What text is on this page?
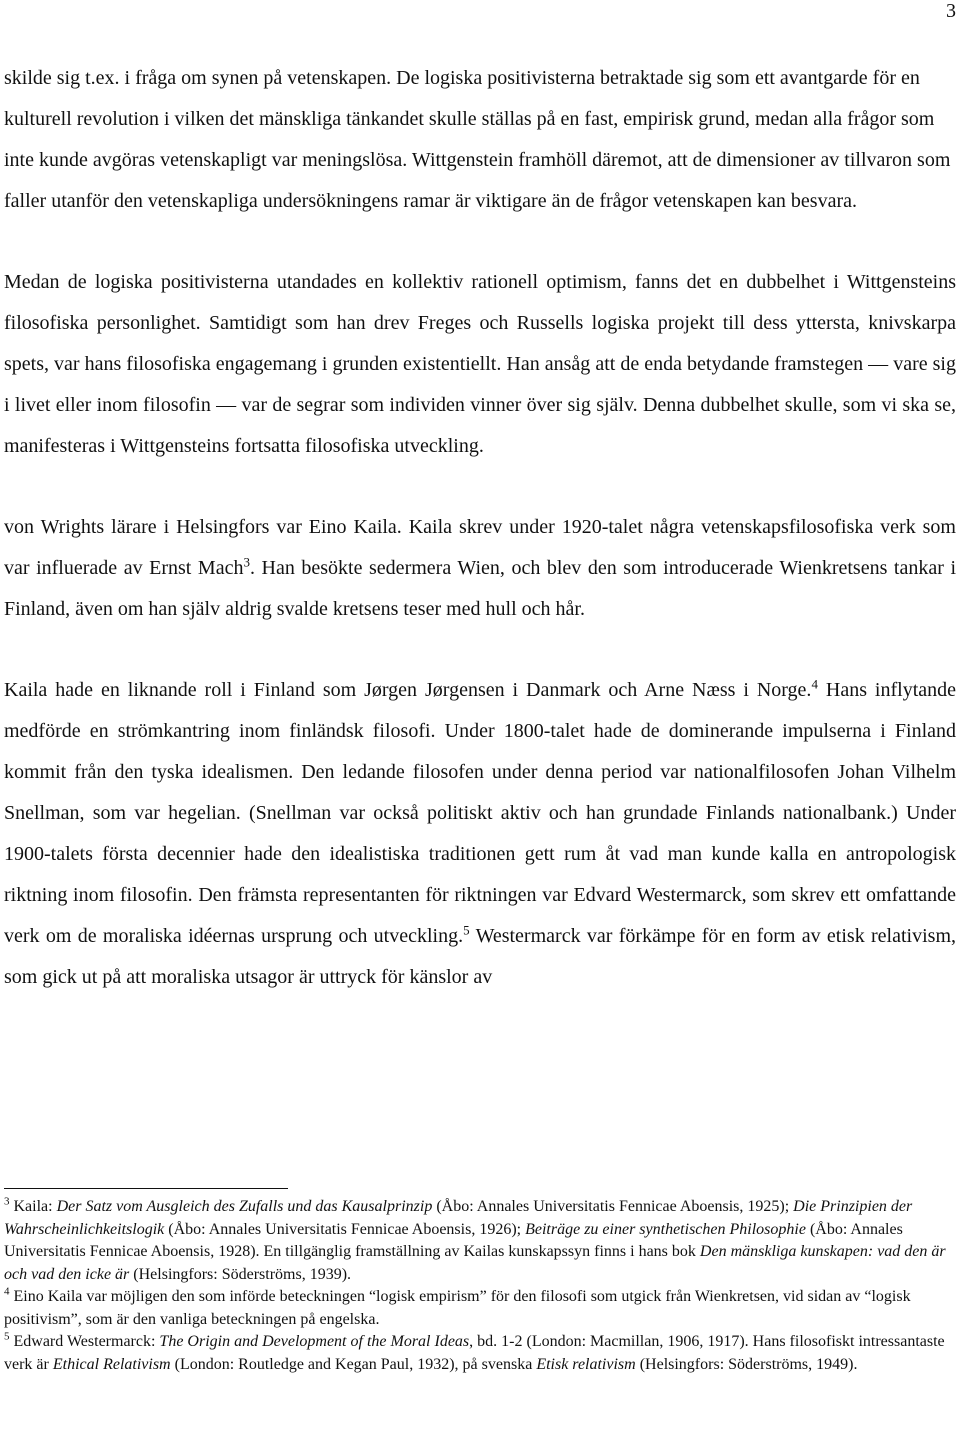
3

skilde sig t.ex. i fråga om synen på vetenskapen. De logiska positivisterna betraktade sig som ett avantgarde för en kulturell revolution i vilken det mänskliga tänkandet skulle ställas på en fast, empirisk grund, medan alla frågor som inte kunde avgöras vetenskapligt var meningslösa. Wittgenstein framhöll däremot, att de dimensioner av tillvaron som faller utanför den vetenskapliga undersökningens ramar är viktigare än de frågor vetenskapen kan besvara.

Medan de logiska positivisterna utandades en kollektiv rationell optimism, fanns det en dubbelhet i Wittgensteins filosofiska personlighet. Samtidigt som han drev Freges och Russells logiska projekt till dess yttersta, knivskarpa spets, var hans filosofiska engagemang i grunden existentiellt. Han ansåg att de enda betydande framstegen — vare sig i livet eller inom filosofin — var de segrar som individen vinner över sig själv. Denna dubbelhet skulle, som vi ska se, manifesteras i Wittgensteins fortsatta filosofiska utveckling.

von Wrights lärare i Helsingfors var Eino Kaila. Kaila skrev under 1920-talet några vetenskapsfilosofiska verk som var influerade av Ernst Mach$^3$. Han besökte sedermera Wien, och blev den som introducerade Wienkretsens tankar i Finland, även om han själv aldrig svalde kretsens teser med hull och hår.

Kaila hade en liknande roll i Finland som Jørgen Jørgensen i Danmark och Arne Næss i Norge.$^4$ Hans inflytande medförde en strömkantring inom finländsk filosofi. Under 1800-talet hade de dominerande impulserna i Finland kommit från den tyska idealismen. Den ledande filosofen under denna period var nationalfilosofen Johan Vilhelm Snellman, som var hegelian. (Snellman var också politiskt aktiv och han grundade Finlands nationalbank.) Under 1900-talets första decennier hade den idealistiska traditionen gett rum åt vad man kunde kalla en antropologisk riktning inom filosofin. Den främsta representanten för riktningen var Edvard Westermarck, som skrev ett omfattande verk om de moraliska idéernas ursprung och utveckling.$^5$ Westermarck var förkämpe för en form av etisk relativism, som gick ut på att moraliska utsagor är uttryck för känslor av

$^3$ Kaila: Der Satz vom Ausgleich des Zufalls und das Kausalprinzip (Åbo: Annales Universitatis Fennicae Aboensis, 1925); Die Prinzipien der Wahrscheinlichkeitslogik (Åbo: Annales Universitatis Fennicae Aboensis, 1926); Beiträge zu einer synthetischen Philosophie (Åbo: Annales Universitatis Fennicae Aboensis, 1928). En tillgänglig framställning av Kailas kunskapssyn finns i hans bok Den mänskliga kunskapen: vad den är och vad den icke är (Helsingfors: Söderströms, 1939).

$^4$ Eino Kaila var möjligen den som införde beteckningen “logisk empirism” för den filosofi som utgick från Wienkretsen, vid sidan av “logisk positivism”, som är den vanliga beteckningen på engelska.

$^5$ Edward Westermarck: The Origin and Development of the Moral Ideas, bd. 1-2 (London: Macmillan, 1906, 1917). Hans filosofiskt intressantaste verk är Ethical Relativism (London: Routledge and Kegan Paul, 1932), på svenska Etisk relativism (Helsingfors: Söderströms, 1949).
